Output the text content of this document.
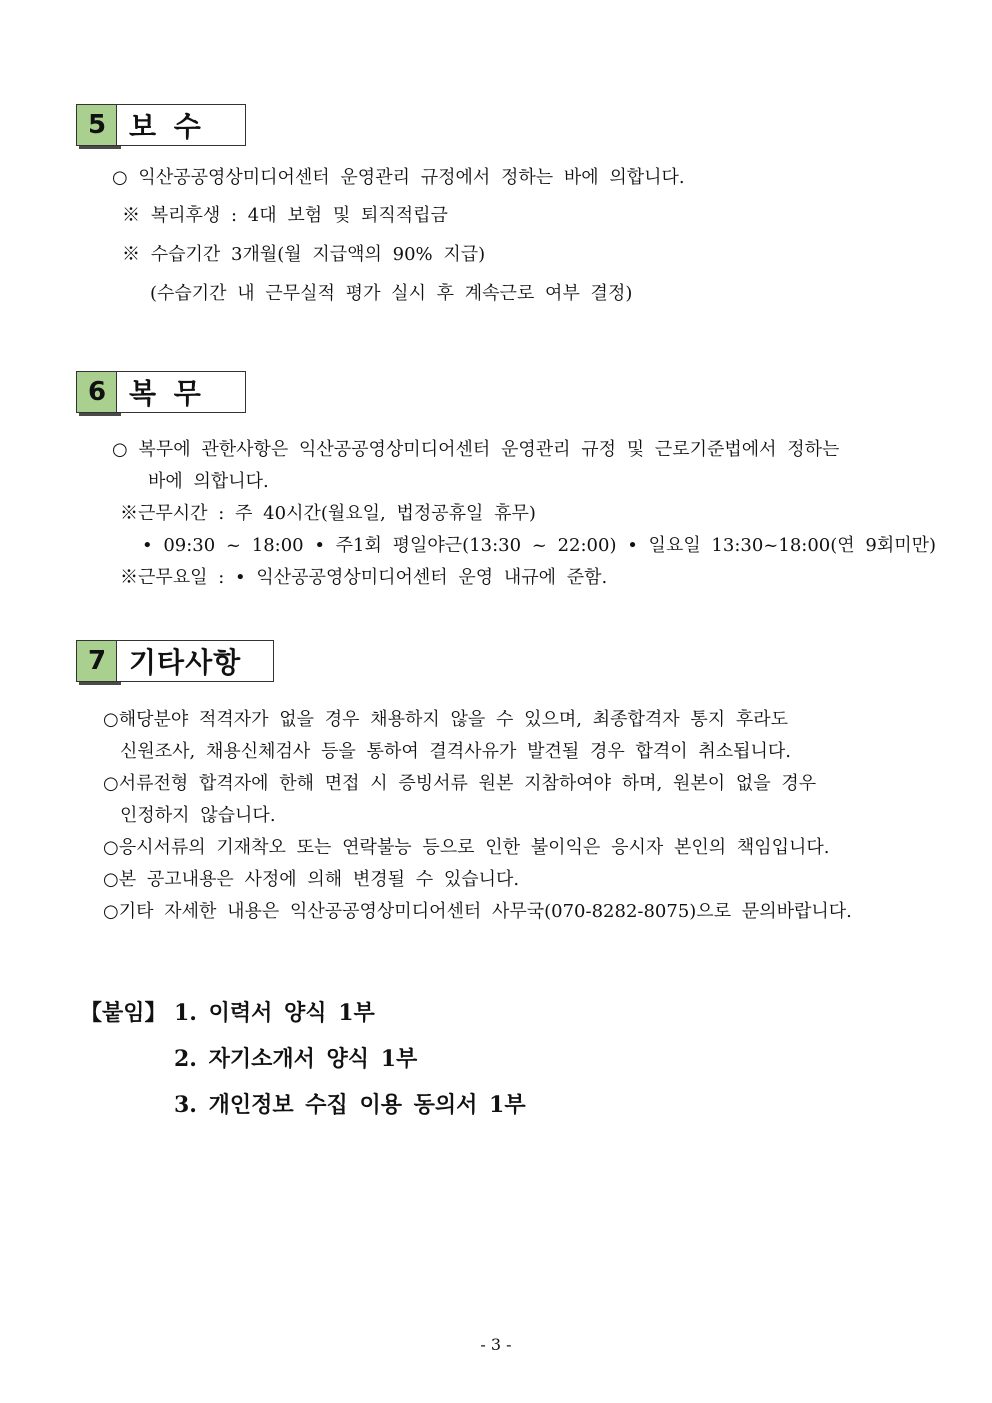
5 보 수
○ 익산공공영상미디어센터 운영관리 규정에서 정하는 바에 의합니다.
※ 복리후생 : 4대 보험 및 퇴직적립금
※ 수습기간 3개월(월 지급액의 90% 지급)
(수습기간 내 근무실적 평가 실시 후 계속근로 여부 결정)
6 복 무
○ 복무에 관한사항은 익산공공영상미디어센터 운영관리 규정 및 근로기준법에서 정하는
바에 의합니다.
※근무시간 : 주 40시간(월요일, 법정공휴일 휴무)
• 09:30 ~ 18:00 • 주1회 평일야근(13:30 ~ 22:00) • 일요일 13:30~18:00(연 9회미만)
※근무요일 : • 익산공공영상미디어센터 운영 내규에 준함.
7 기타사항
○해당분야 적격자가 없을 경우 채용하지 않을 수 있으며, 최종합격자 통지 후라도
신원조사, 채용신체검사 등을 통하여 결격사유가 발견될 경우 합격이 취소됩니다.
○서류전형 합격자에 한해 면접 시 증빙서류 원본 지참하여야 하며, 원본이 없을 경우
인정하지 않습니다.
○응시서류의 기재착오 또는 연락불능 등으로 인한 불이익은 응시자 본인의 책임입니다.
○본 공고내용은 사정에 의해 변경될 수 있습니다.
○기타 자세한 내용은 익산공공영상미디어센터 사무국(070-8282-8075)으로 문의바랍니다.
【붙임】 1. 이력서 양식 1부
2. 자기소개서 양식 1부
3. 개인정보 수집 이용 동의서 1부
- 3 -
